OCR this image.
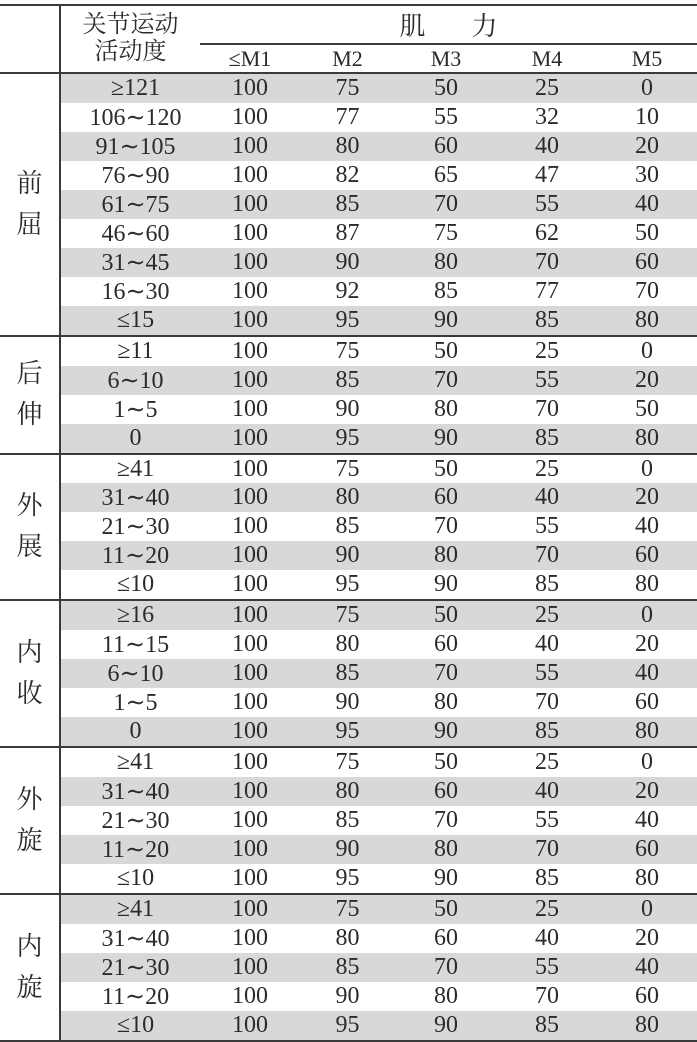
	关节运动
活动度	肌 力				
		≤M1	M2	M3	M4	M5

前
屈	≥121	100	75	50	25	0
	106∼120	100	77	55	32	10
	91∼105	100	80	60	40	20
	76∼90	100	82	65	47	30
	61∼75	100	85	70	55	40
	46∼60	100	87	75	62	50
	31∼45	100	90	80	70	60
	16∼30	100	92	85	77	70
	≤15	100	95	90	85	80

后
伸	≥11	100	75	50	25	0
	6∼10	100	85	70	55	20
	1∼5	100	90	80	70	50
	0	100	95	90	85	80

外
展	≥41	100	75	50	25	0
	31∼40	100	80	60	40	20
	21∼30	100	85	70	55	40
	11∼20	100	90	80	70	60
	≤10	100	95	90	85	80

内
收	≥16	100	75	50	25	0
	11∼15	100	80	60	40	20
	6∼10	100	85	70	55	40
	1∼5	100	90	80	70	60
	0	100	95	90	85	80

外
旋	≥41	100	75	50	25	0
	31∼40	100	80	60	40	20
	21∼30	100	85	70	55	40
	11∼20	100	90	80	70	60
	≤10	100	95	90	85	80

内
旋	≥41	100	75	50	25	0
	31∼40	100	80	60	40	20
	21∼30	100	85	70	55	40
	11∼20	100	90	80	70	60
	≤10	100	95	90	85	80
